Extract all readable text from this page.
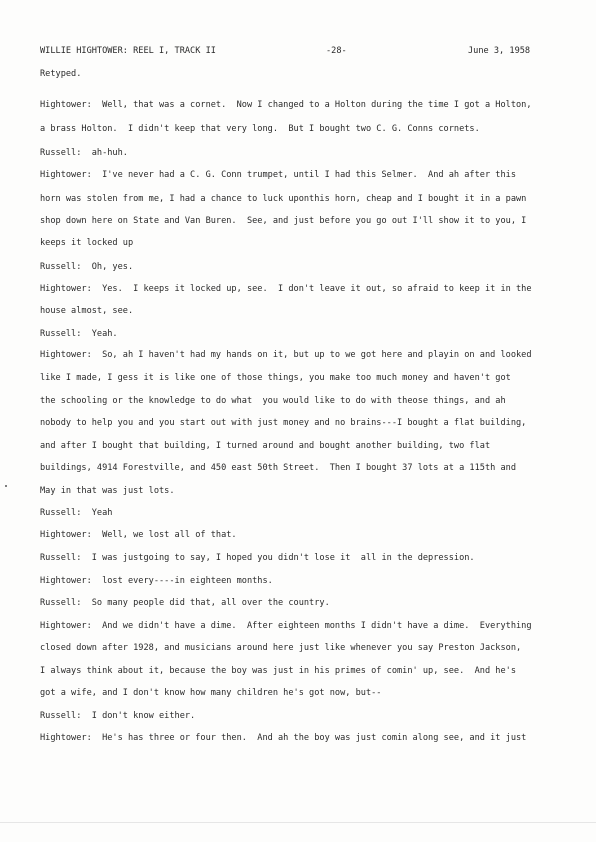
WILLIE HIGHTOWER: REEL I, TRACK II	-28-	June 3, 1958

Retyped.

Hightower:  Well, that was a cornet.  Now I changed to a Holton during the time I got a Holton,

a brass Holton.  I didn't keep that very long.  But I bought two C. G. Conns cornets.

Russell:  ah-huh.

Hightower:  I've never had a C. G. Conn trumpet, until I had this Selmer.  And ah after this

horn was stolen from me, I had a chance to luck uponthis horn, cheap and I bought it in a pawn

shop down here on State and Van Buren.  See, and just before you go out I'll show it to you, I

keeps it locked up

Russell:  Oh, yes.

Hightower:  Yes.  I keeps it locked up, see.  I don't leave it out, so afraid to keep it in the

house almost, see.

Russell:  Yeah.

Hightower:  So, ah I haven't had my hands on it, but up to we got here and playin on and looked

like I made, I gess it is like one of those things, you make too much money and haven't got

the schooling or the knowledge to do what  you would like to do with theose things, and ah

nobody to help you and you start out with just money and no brains---I bought a flat building,

and after I bought that building, I turned around and bought another building, two flat

buildings, 4914 Forestville, and 450 east 50th Street.  Then I bought 37 lots at a 115th and

May in that was just lots.

Russell:  Yeah

Hightower:  Well, we lost all of that.

Russell:  I was justgoing to say, I hoped you didn't lose it  all in the depression.

Hightower:  lost every----in eighteen months.

Russell:  So many people did that, all over the country.

Hightower:  And we didn't have a dime.  After eighteen months I didn't have a dime.  Everything

closed down after 1928, and musicians around here just like whenever you say Preston Jackson,

I always think about it, because the boy was just in his primes of comin' up, see.  And he's

got a wife, and I don't know how many children he's got now, but--

Russell:  I don't know either.

Hightower:  He's has three or four then.  And ah the boy was just comin along see, and it just
